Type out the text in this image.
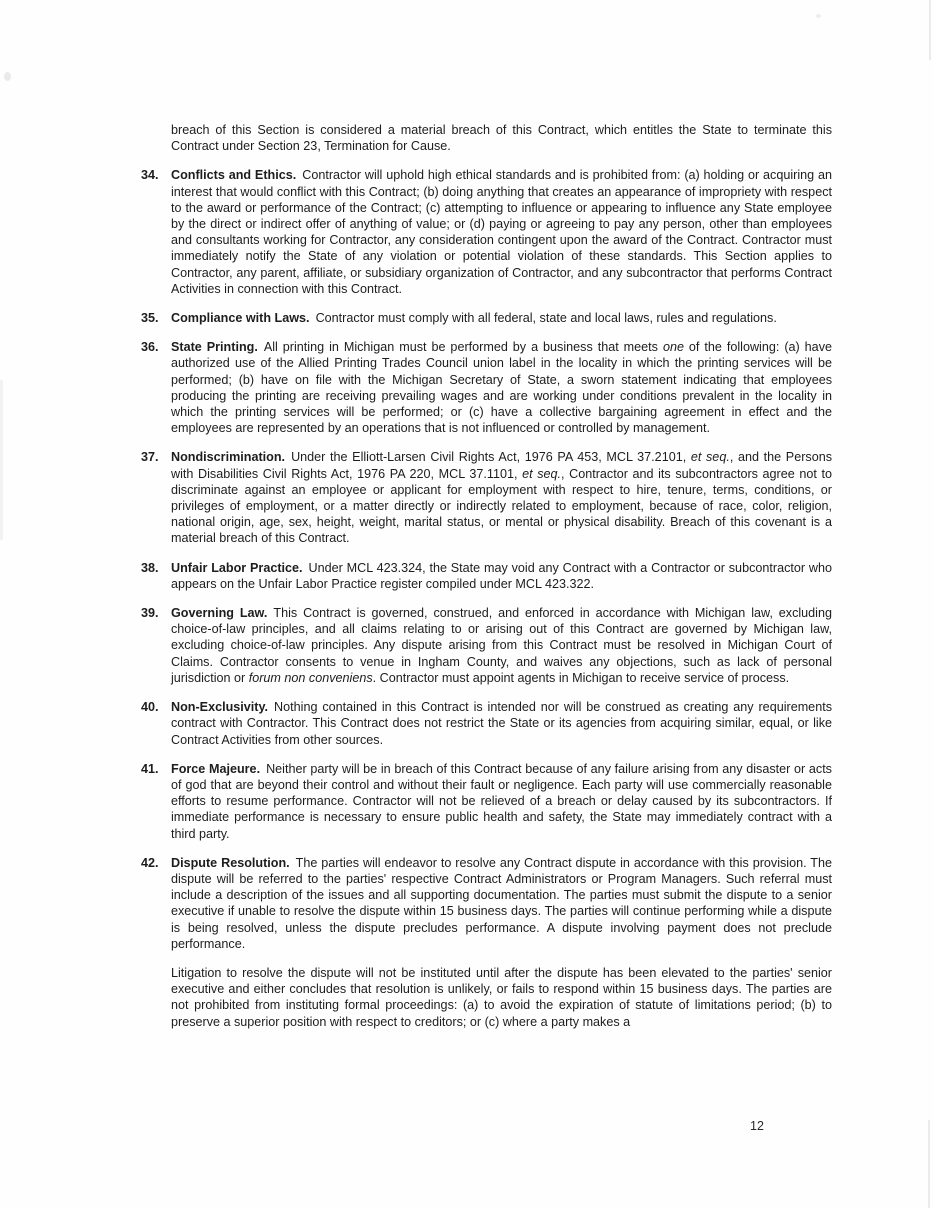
breach of this Section is considered a material breach of this Contract, which entitles the State to terminate this Contract under Section 23, Termination for Cause.
34. Conflicts and Ethics. Contractor will uphold high ethical standards and is prohibited from: (a) holding or acquiring an interest that would conflict with this Contract; (b) doing anything that creates an appearance of impropriety with respect to the award or performance of the Contract; (c) attempting to influence or appearing to influence any State employee by the direct or indirect offer of anything of value; or (d) paying or agreeing to pay any person, other than employees and consultants working for Contractor, any consideration contingent upon the award of the Contract. Contractor must immediately notify the State of any violation or potential violation of these standards. This Section applies to Contractor, any parent, affiliate, or subsidiary organization of Contractor, and any subcontractor that performs Contract Activities in connection with this Contract.
35. Compliance with Laws. Contractor must comply with all federal, state and local laws, rules and regulations.
36. State Printing. All printing in Michigan must be performed by a business that meets one of the following: (a) have authorized use of the Allied Printing Trades Council union label in the locality in which the printing services will be performed; (b) have on file with the Michigan Secretary of State, a sworn statement indicating that employees producing the printing are receiving prevailing wages and are working under conditions prevalent in the locality in which the printing services will be performed; or (c) have a collective bargaining agreement in effect and the employees are represented by an operations that is not influenced or controlled by management.
37. Nondiscrimination. Under the Elliott-Larsen Civil Rights Act, 1976 PA 453, MCL 37.2101, et seq., and the Persons with Disabilities Civil Rights Act, 1976 PA 220, MCL 37.1101, et seq., Contractor and its subcontractors agree not to discriminate against an employee or applicant for employment with respect to hire, tenure, terms, conditions, or privileges of employment, or a matter directly or indirectly related to employment, because of race, color, religion, national origin, age, sex, height, weight, marital status, or mental or physical disability. Breach of this covenant is a material breach of this Contract.
38. Unfair Labor Practice. Under MCL 423.324, the State may void any Contract with a Contractor or subcontractor who appears on the Unfair Labor Practice register compiled under MCL 423.322.
39. Governing Law. This Contract is governed, construed, and enforced in accordance with Michigan law, excluding choice-of-law principles, and all claims relating to or arising out of this Contract are governed by Michigan law, excluding choice-of-law principles. Any dispute arising from this Contract must be resolved in Michigan Court of Claims. Contractor consents to venue in Ingham County, and waives any objections, such as lack of personal jurisdiction or forum non conveniens. Contractor must appoint agents in Michigan to receive service of process.
40. Non-Exclusivity. Nothing contained in this Contract is intended nor will be construed as creating any requirements contract with Contractor. This Contract does not restrict the State or its agencies from acquiring similar, equal, or like Contract Activities from other sources.
41. Force Majeure. Neither party will be in breach of this Contract because of any failure arising from any disaster or acts of god that are beyond their control and without their fault or negligence. Each party will use commercially reasonable efforts to resume performance. Contractor will not be relieved of a breach or delay caused by its subcontractors. If immediate performance is necessary to ensure public health and safety, the State may immediately contract with a third party.
42. Dispute Resolution. The parties will endeavor to resolve any Contract dispute in accordance with this provision. The dispute will be referred to the parties' respective Contract Administrators or Program Managers. Such referral must include a description of the issues and all supporting documentation. The parties must submit the dispute to a senior executive if unable to resolve the dispute within 15 business days. The parties will continue performing while a dispute is being resolved, unless the dispute precludes performance. A dispute involving payment does not preclude performance.
Litigation to resolve the dispute will not be instituted until after the dispute has been elevated to the parties' senior executive and either concludes that resolution is unlikely, or fails to respond within 15 business days. The parties are not prohibited from instituting formal proceedings: (a) to avoid the expiration of statute of limitations period; (b) to preserve a superior position with respect to creditors; or (c) where a party makes a
12
